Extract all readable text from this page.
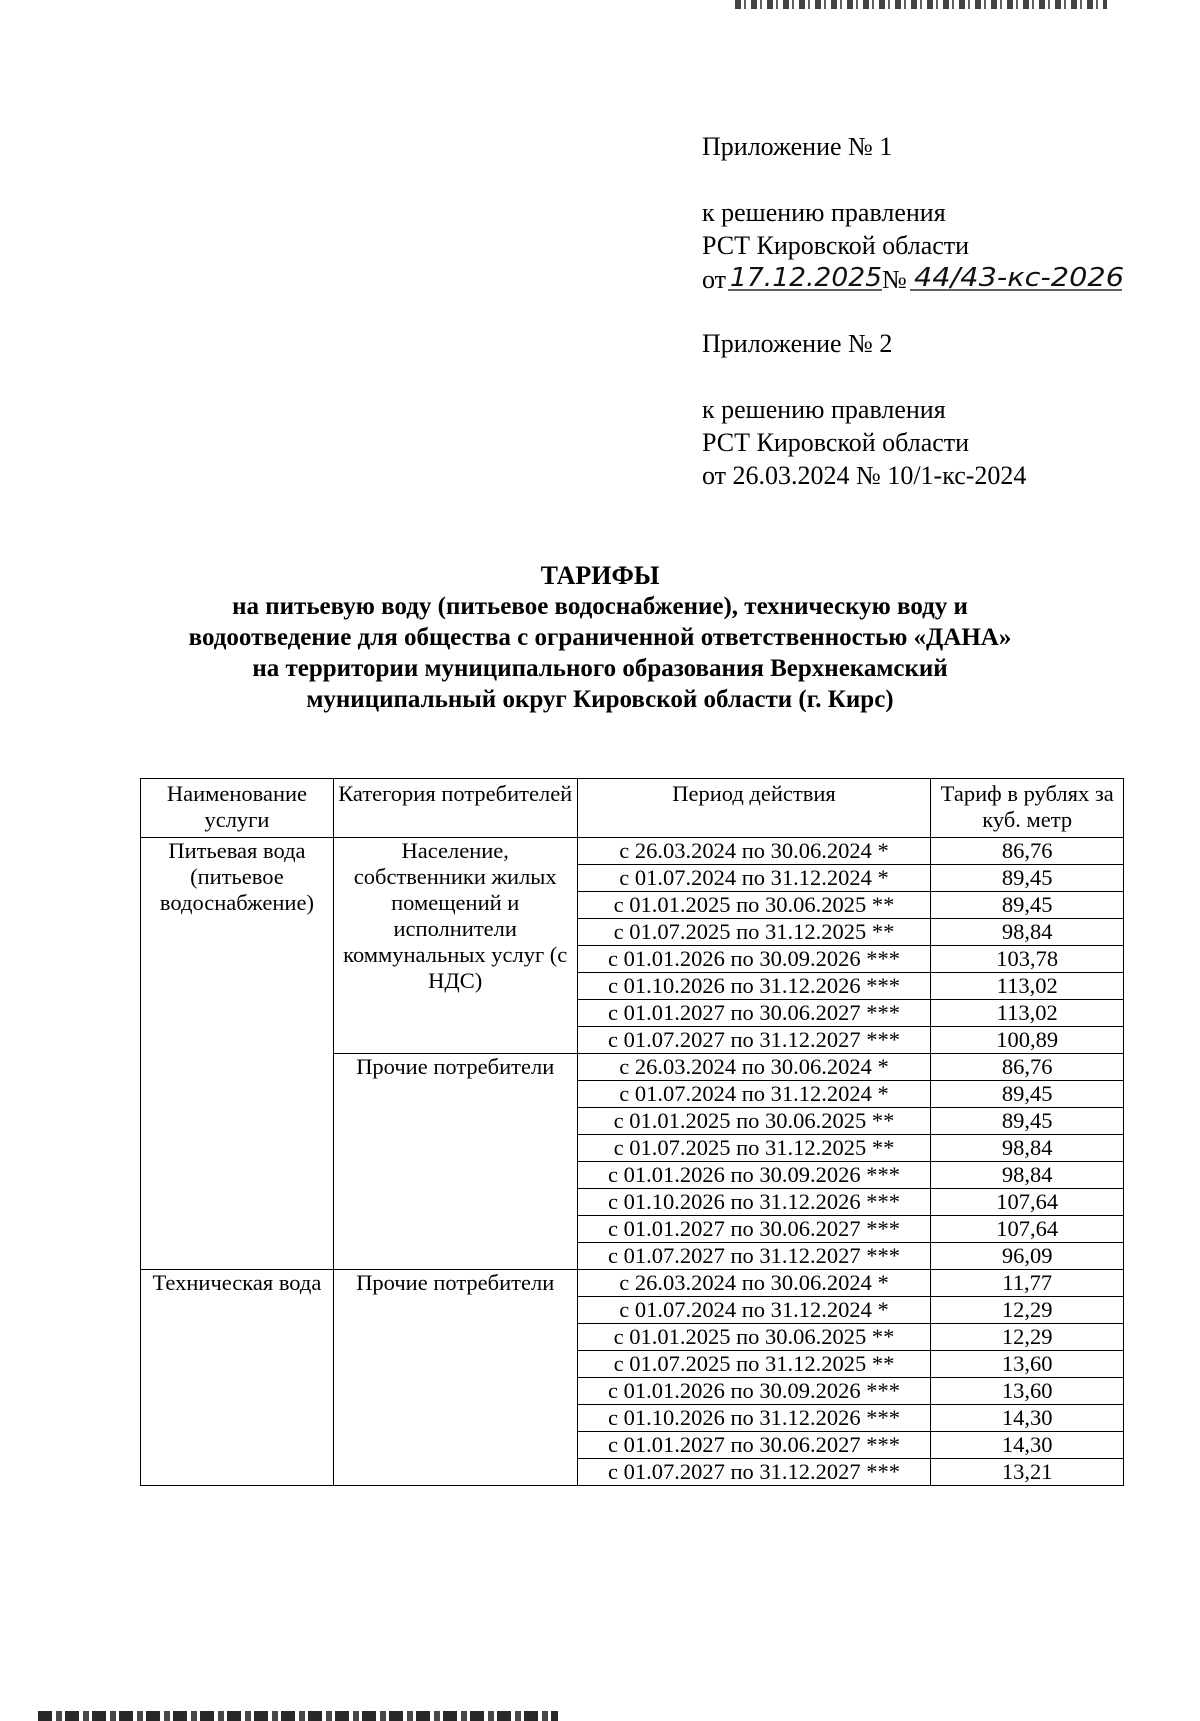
Приложение № 1

к решению правления

РСТ Кировской области

от 17.12.2025 № 44/43-кс-2026

Приложение № 2

к решению правления

РСТ Кировской области

от 26.03.2024 № 10/1-кс-2024

ТАРИФЫ
на питьевую воду (питьевое водоснабжение), техническую воду и
водоотведение для общества с ограниченной ответственностью «ДАНА»
на территории муниципального образования Верхнекамский
муниципальный округ Кировской области (г. Кирс)
Наименование услуги	Категория потребителей	Период действия	Тариф в рублях за куб. метр
Питьевая вода (питьевое водоснабжение)	Население, собственники жилых помещений и исполнители коммунальных услуг (с НДС)	с 26.03.2024 по 30.06.2024 *	86,76
		с 01.07.2024 по 31.12.2024 *	89,45
		с 01.01.2025 по 30.06.2025 **	89,45
		с 01.07.2025 по 31.12.2025 **	98,84
		с 01.01.2026 по 30.09.2026 ***	103,78
		с 01.10.2026 по 31.12.2026 ***	113,02
		с 01.01.2027 по 30.06.2027 ***	113,02
		с 01.07.2027 по 31.12.2027 ***	100,89
	Прочие потребители	с 26.03.2024 по 30.06.2024 *	86,76
		с 01.07.2024 по 31.12.2024 *	89,45
		с 01.01.2025 по 30.06.2025 **	89,45
		с 01.07.2025 по 31.12.2025 **	98,84
		с 01.01.2026 по 30.09.2026 ***	98,84
		с 01.10.2026 по 31.12.2026 ***	107,64
		с 01.01.2027 по 30.06.2027 ***	107,64
		с 01.07.2027 по 31.12.2027 ***	96,09
Техническая вода	Прочие потребители	с 26.03.2024 по 30.06.2024 *	11,77
		с 01.07.2024 по 31.12.2024 *	12,29
		с 01.01.2025 по 30.06.2025 **	12,29
		с 01.07.2025 по 31.12.2025 **	13,60
		с 01.01.2026 по 30.09.2026 ***	13,60
		с 01.10.2026 по 31.12.2026 ***	14,30
		с 01.01.2027 по 30.06.2027 ***	14,30
		с 01.07.2027 по 31.12.2027 ***	13,21
